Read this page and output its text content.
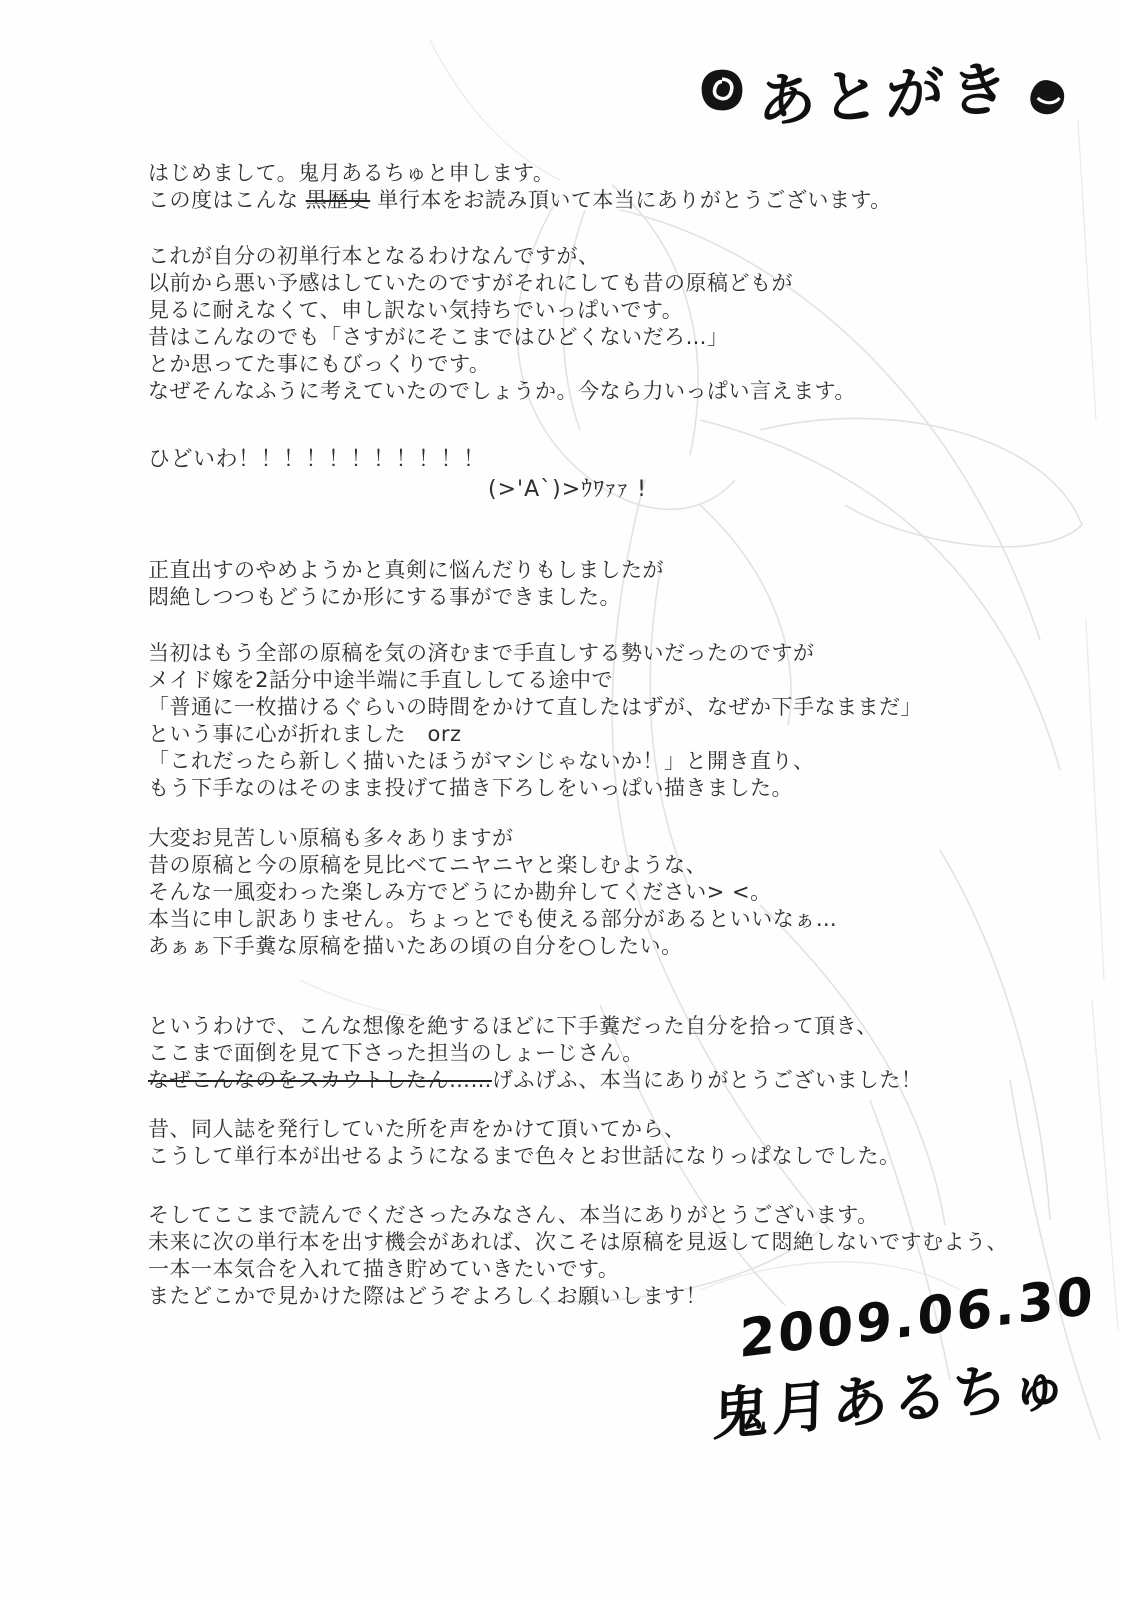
あとがき
はじめまして。鬼月あるちゅと申します。
この度はこんな 黒歴史 単行本をお読み頂いて本当にありがとうございます。
これが自分の初単行本となるわけなんですが、
以前から悪い予感はしていたのですがそれにしても昔の原稿どもが
見るに耐えなくて、申し訳ない気持ちでいっぱいです。
昔はこんなのでも「さすがにそこまではひどくないだろ…」
とか思ってた事にもびっくりです。
なぜそんなふうに考えていたのでしょうか。今なら力いっぱい言えます。
ひどいわ！！！！！！！！！！！
(>'A`)>ｳﾜｧｧ !
正直出すのやめようかと真剣に悩んだりもしましたが
悶絶しつつもどうにか形にする事ができました。
当初はもう全部の原稿を気の済むまで手直しする勢いだったのですが
メイド嫁を2話分中途半端に手直ししてる途中で
「普通に一枚描けるぐらいの時間をかけて直したはずが、なぜか下手なままだ」
という事に心が折れました　orz
「これだったら新しく描いたほうがマシじゃないか！」と開き直り、
もう下手なのはそのまま投げて描き下ろしをいっぱい描きました。
大変お見苦しい原稿も多々ありますが
昔の原稿と今の原稿を見比べてニヤニヤと楽しむような、
そんな一風変わった楽しみ方でどうにか勘弁してください> <。
本当に申し訳ありません。ちょっとでも使える部分があるといいなぁ…
あぁぁ下手糞な原稿を描いたあの頃の自分を○したい。
というわけで、こんな想像を絶するほどに下手糞だった自分を拾って頂き、
ここまで面倒を見て下さった担当のしょーじさん。
なぜこんなのをスカウトしたん……げふげふ、本当にありがとうございました！
昔、同人誌を発行していた所を声をかけて頂いてから、
こうして単行本が出せるようになるまで色々とお世話になりっぱなしでした。
そしてここまで読んでくださったみなさん、本当にありがとうございます。
未来に次の単行本を出す機会があれば、次こそは原稿を見返して悶絶しないですむよう、
一本一本気合を入れて描き貯めていきたいです。
またどこかで見かけた際はどうぞよろしくお願いします！ 2009.06.30
鬼月あるちゅ
